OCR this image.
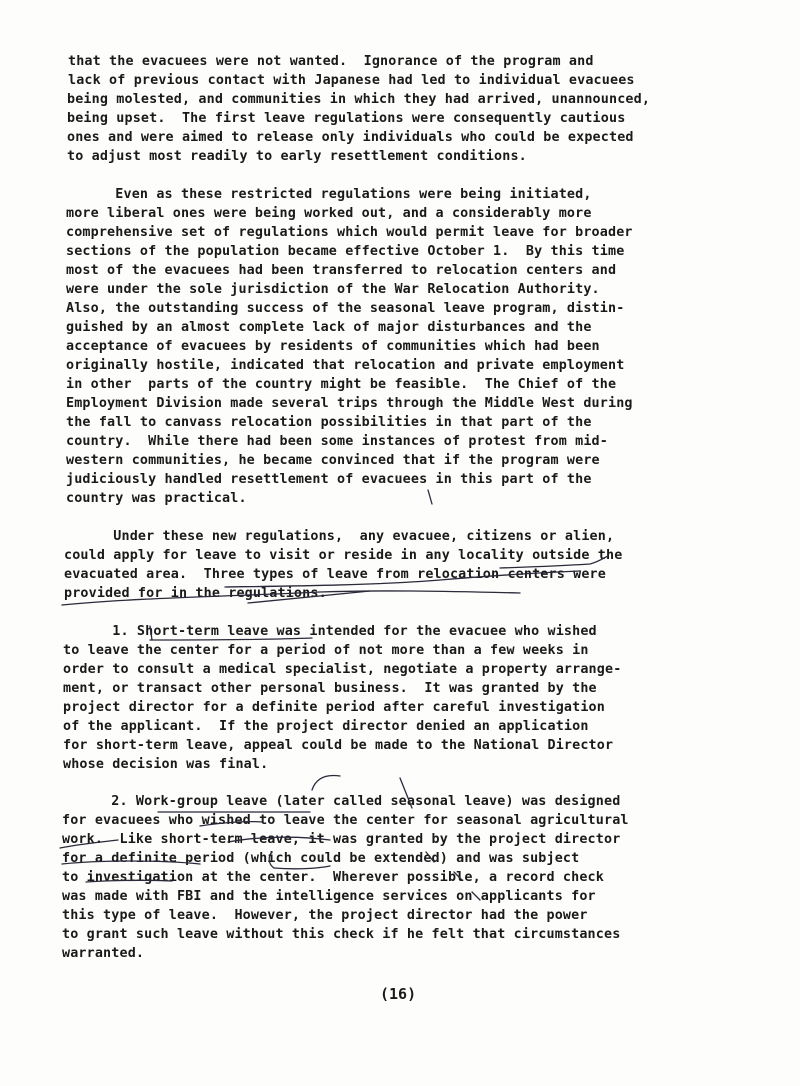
that the evacuees were not wanted.  Ignorance of the program and
lack of previous contact with Japanese had led to individual evacuees
being molested, and communities in which they had arrived, unannounced,
being upset.  The first leave regulations were consequently cautious
ones and were aimed to release only individuals who could be expected
to adjust most readily to early resettlement conditions.
Even as these restricted regulations were being initiated,
more liberal ones were being worked out, and a considerably more
comprehensive set of regulations which would permit leave for broader
sections of the population became effective October 1.  By this time
most of the evacuees had been transferred to relocation centers and
were under the sole jurisdiction of the War Relocation Authority.
Also, the outstanding success of the seasonal leave program, distin-
guished by an almost complete lack of major disturbances and the
acceptance of evacuees by residents of communities which had been
originally hostile, indicated that relocation and private employment
in other  parts of the country might be feasible.  The Chief of the
Employment Division made several trips through the Middle West during
the fall to canvass relocation possibilities in that part of the
country.  While there had been some instances of protest from mid-
western communities, he became convinced that if the program were
judiciously handled resettlement of evacuees in this part of the
country was practical.
Under these new regulations,  any evacuee, citizens or alien,
could apply for leave to visit or reside in any locality outside the
evacuated area.  Three types of leave from relocation centers were
provided for in the regulations.
1. Short-term leave was intended for the evacuee who wished
to leave the center for a period of not more than a few weeks in
order to consult a medical specialist, negotiate a property arrange-
ment, or transact other personal business.  It was granted by the
project director for a definite period after careful investigation
of the applicant.  If the project director denied an application
for short-term leave, appeal could be made to the National Director
whose decision was final.
2. Work-group leave (later called seasonal leave) was designed
for evacuees who wished to leave the center for seasonal agricultural
work.  Like short-term leave, it was granted by the project director
for a definite period (which could be extended) and was subject
to investigation at the center.  Wherever possible, a record check
was made with FBI and the intelligence services on applicants for
this type of leave.  However, the project director had the power
to grant such leave without this check if he felt that circumstances
warranted.
(16)
